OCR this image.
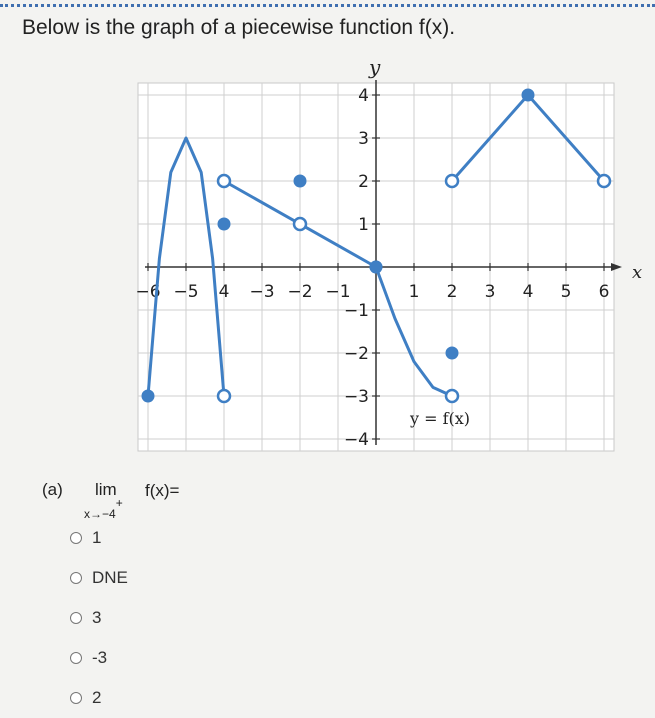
Below is the graph of a piecewise function f(x).
−6 −5 4 −3 −2 −1	1 2 3 4 5 6
4
3
2
1
−1
−2
−3
−4
y
x
y = f(x)
(a) lim
x→−4+
f(x)=
1
DNE
3
-3
2
